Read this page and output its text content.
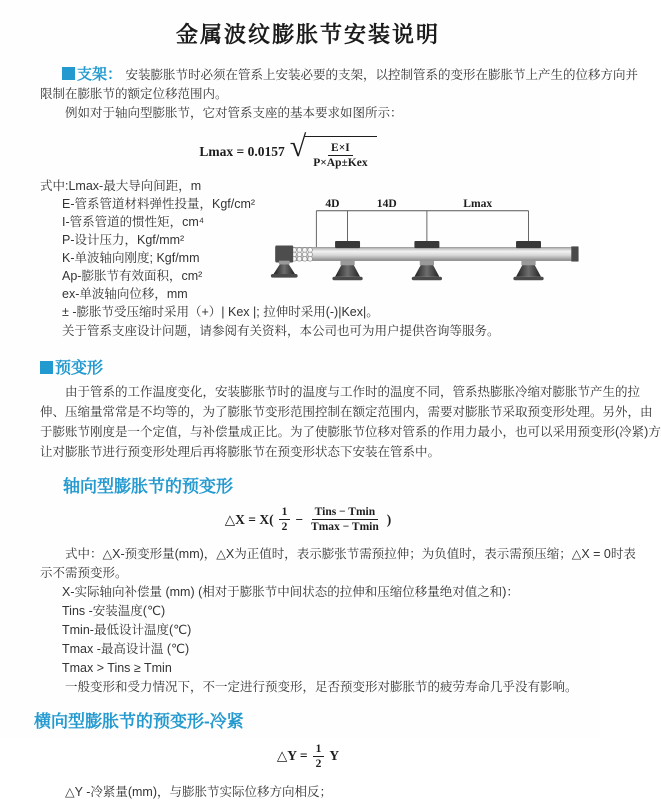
金属波纹膨胀节安装说明
支架： 安装膨胀节时必须在管系上安装必要的支架，以控制管系的变形在膨胀节上产生的位移方向并
限制在膨胀节的额定位移范围内。
例如对于轴向型膨胀节，它对管系支座的基本要求如图所示：
Lmax = 0.0157 √ $\frac{E\times I}{\text{P×Ap±Kex}}$
式中:Lmax-最大导向间距，m
E-管系管道材料弹性投量，Kgf/cm²
I-管系管道的惯性矩，cm⁴
P-设计压力，Kgf/mm²
K-单波轴向刚度; Kgf/mm
Ap-膨胀节有效面积，cm²
ex-单波轴向位移，mm
4D	14D	Lmax
± -膨胀节受压缩时采用（+）| Kex |; 拉伸时采用(-)|Kex|。
关于管系支座设计问题，请参阅有关资料，本公司也可为用户提供咨询等服务。
预变形
由于管系的工作温度变化，安装膨胀节时的温度与工作时的温度不同，管系热膨胀冷缩对膨胀节产生的拉
伸、压缩量常常是不均等的，为了膨胀节变形范围控制在额定范围内，需要对膨胀节采取预变形处理。另外，由
于膨账节刚度是一个定值，与补偿量成正比。为了使膨胀节位移对管系的作用力最小，也可以采用预变形(冷紧)方
让对膨胀节进行预变形处理后再将膨胀节在预变形状态下安装在管系中。
轴向型膨胀节的预变形
△X = $X( \frac{1}{2} - \frac{\text{Tins − Tmin}}{Tmax - Tmin}$ )
式中：△X-预变形量(mm)，△X为正值时，表示膨张节需预拉伸；为负值时，表示需预压缩；△X = 0时表
示不需预变形。
X-实际轴向补偿量 (mm) (相对于膨胀节中间状态的拉伸和压缩位移量绝对值之和)：
Tins -安装温度(℃)
Tmin-最低设计温度(℃)
Tmax -最高设计温 (℃)
Tmax > Tins ≥ Tmin
一般变形和受力情况下，不一定进行预变形，足否预变形对膨胀节的疲劳寿命几乎没有影响。
横向型膨胀节的预变形-冷紧
△Y = $\frac{1}{2}$ Y
△Y -冷紧量(mm)，与膨胀节实际位移方向相反；
